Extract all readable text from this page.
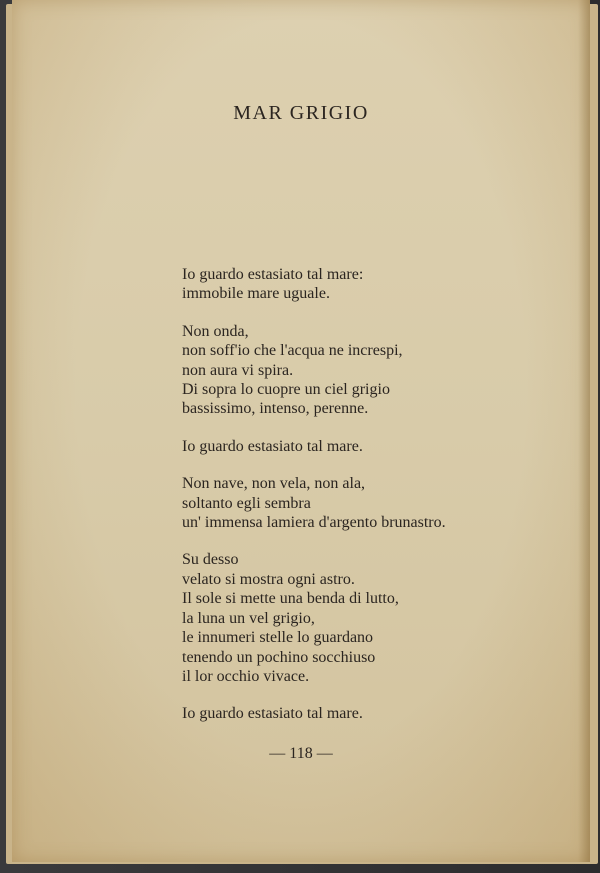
MAR GRIGIO
Io guardo estasiato tal mare:
immobile mare uguale.
Non onda,
non soff'io che l'acqua ne increspi,
non aura vi spira.
Di sopra lo cuopre un ciel grigio
bassissimo, intenso, perenne.
Io guardo estasiato tal mare.
Non nave, non vela, non ala,
soltanto egli sembra
un' immensa lamiera d'argento brunastro.
Su desso
velato si mostra ogni astro.
Il sole si mette una benda di lutto,
la luna un vel grigio,
le innumeri stelle lo guardano
tenendo un pochino socchiuso
il lor occhio vivace.
Io guardo estasiato tal mare.
— 118 —
